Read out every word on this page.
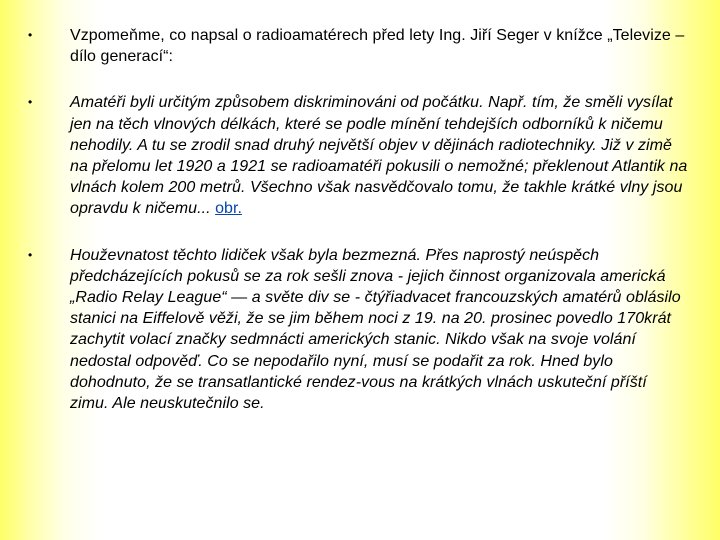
•	Vzpomeňme, co napsal o radioamatérech před lety Ing. Jiří Seger v knížce „Televize – dílo generací“:
•	Amatéři byli určitým způsobem diskriminováni od počátku. Např. tím, že směli vysílat jen na těch vlnových délkách, které se podle mínění tehdejších odborníků k ničemu nehodily. A tu se zrodil snad druhý největší objev v dějinách radiotechniky. Již v zimě na přelomu let 1920 a 1921 se radioamatéři pokusili o nemožné; překlenout Atlantik na vlnách kolem 200 metrů. Všechno však nasvědčovalo tomu, že takhle krátké vlny jsou opravdu k ničemu... obr.
•	Houževnatost těchto lidiček však byla bezmezná. Přes naprostý neúspěch předcházejících pokusů se za rok sešli znova - jejich činnost organizovala americká „Radio Relay League“ — a světe div se - čtýřiadvacet francouzských amatérů oblásilo stanici na Eiffelově věži, že se jim během noci z 19. na 20. prosinec povedlo 170krát zachytit volací značky sedmnácti amerických stanic. Nikdo však na svoje volání nedostal odpověď. Co se nepodařilo nyní, musí se podařit za rok. Hned bylo dohodnuto, že se transatlantické rendez-vous na krátkých vlnách uskuteční příští zimu. Ale neuskutečnilo se.
